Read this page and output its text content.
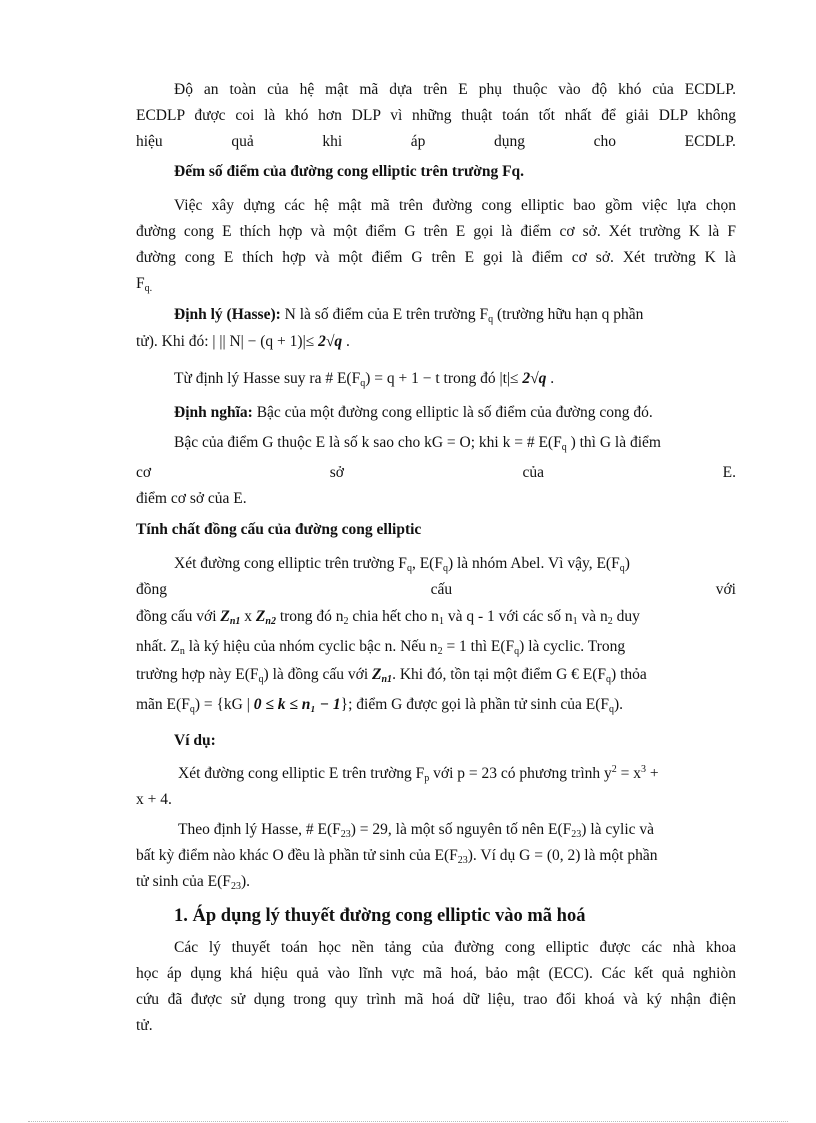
Độ an toàn của hệ mật mã dựa trên E phụ thuộc vào độ khó của ECDLP.
ECDLP được coi là khó hơn DLP vì những thuật toán tốt nhất để giải DLP không
hiệu	quả	khi	áp	dụng	cho	ECDLP.
Đếm số điểm của đường cong elliptic trên trường Fq.
Việc xây dựng các hệ mật mã trên đường cong elliptic bao gồm việc lựa chọn
đường cong E thích hợp và một điểm G trên E gọi là điểm cơ sở. Xét trường K là F
đường cong E thích hợp và một điểm G trên E gọi là điểm cơ sở. Xét trường K là
$F_{q.}$
Định lý (Hasse): N là số điểm của E trên trường $F_q$ (trường hữu hạn q phần
tử). Khi đó: | || N| − (q + 1)|≤ 2√q .
Từ định lý Hasse suy ra # $E(F_q) = q + 1 - t$ trong đó |t|≤ 2√q .
Định nghĩa: Bậc của một đường cong elliptic là số điểm của đường cong đó.
Bậc của điểm G thuộc E là số k sao cho kG = O; khi k = # $E(F_q$ ) thì G là điểm
cơ	sở	của	E.
điểm cơ sở của E.
Tính chất đồng cấu của đường cong elliptic
Xét đường cong elliptic trên trường $F_q$, $E(F_q)$ là nhóm Abel. Vì vậy, $E(F_q)$
đồng	cấu	với
đồng cấu với $Z_{n1}$ x $Z_{n2}$ trong đó $n_2$ chia hết cho $n_1$ và q - 1 với các số $n_1$ và $n_2$ duy
nhất. $Z_n$ là ký hiệu của nhóm cyclic bậc n. Nếu $n_2 = 1$ thì $E(F_q)$ là cyclic. Trong
trường hợp này $E(F_q)$ là đồng cấu với $Z_{n1}$. Khi đó, tồn tại một điểm G € $E(F_q)$ thỏa
mãn $E(F_q) = \{kG$ | 0 ≤ k ≤ n₁ − 1}; điểm G được gọi là phần tử sinh của $E(F_q)$.
Ví dụ:
Xét đường cong elliptic E trên trường $F_p$ với p = 23 có phương trình $y^2 = x^3$ +
x + 4.
Theo định lý Hasse, # $E(F_{23}) = 29$, là một số nguyên tố nên $E(F_{23})$ là cylic và
bất kỳ điểm nào khác O đều là phần tử sinh của $E(F_{23})$. Ví dụ G = (0, 2) là một phần
tử sinh của $E(F_{23})$.
1. Áp dụng lý thuyết đường cong elliptic vào mã hoá
Các lý thuyết toán học nền tảng của đường cong elliptic được các nhà khoa
học áp dụng khá hiệu quả vào lĩnh vực mã hoá, bảo mật (ECC). Các kết quả nghiòn
cứu đã được sử dụng trong quy trình mã hoá dữ liệu, trao đổi khoá và ký nhận điện
tử.
